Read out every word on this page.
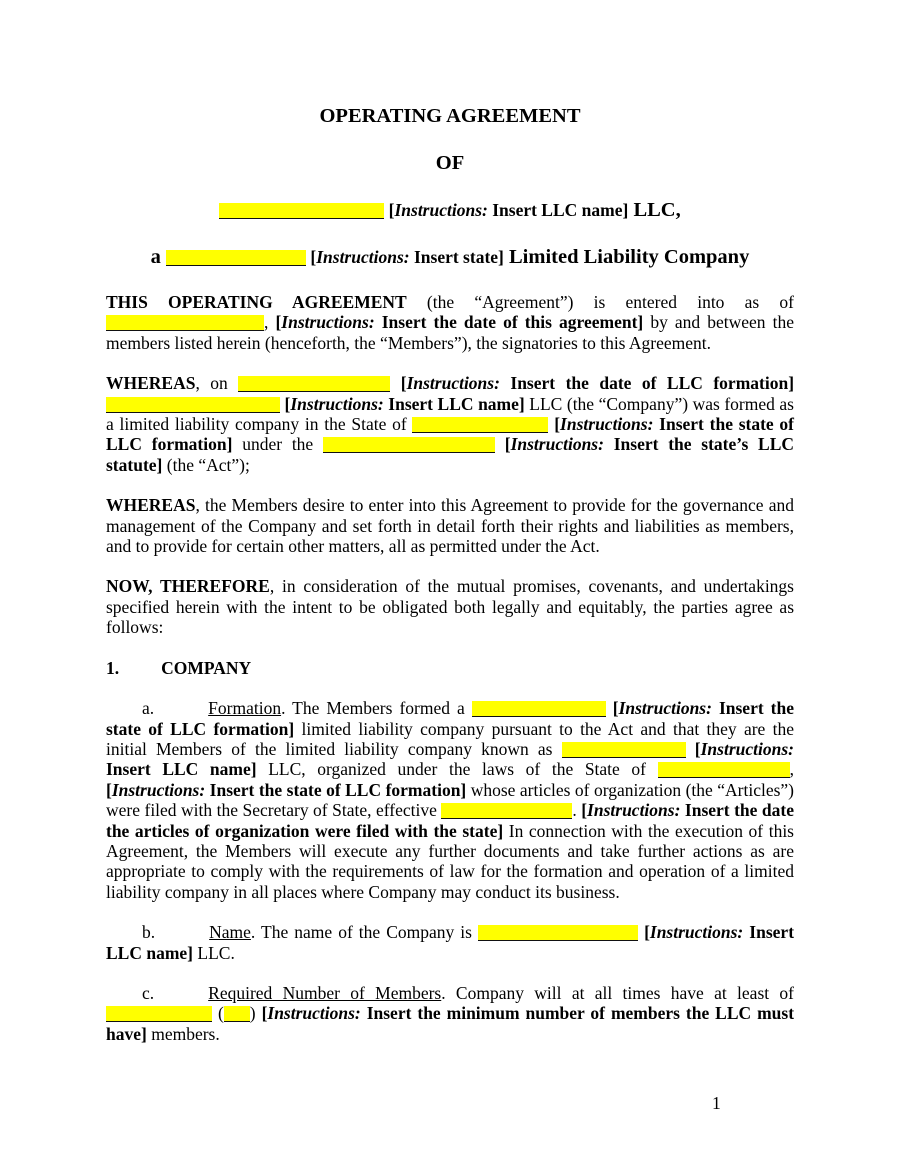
OPERATING AGREEMENT

OF

[Instructions: Insert LLC name] LLC,

a	[Instructions: Insert state] Limited Liability Company

THIS OPERATING AGREEMENT (the “Agreement”) is entered into as of , [Instructions: Insert the date of this agreement] by and between the members listed herein (henceforth, the “Members”), the signatories to this Agreement.

WHEREAS, on	[Instructions: Insert the date of LLC formation]  [Instructions: Insert LLC name] LLC (the “Company”) was formed as a limited liability company in the State of	[Instructions: Insert the state of LLC formation] under the	[Instructions: Insert the state’s LLC statute] (the “Act”);

WHEREAS, the Members desire to enter into this Agreement to provide for the governance and management of the Company and set forth in detail forth their rights and liabilities as members, and to provide for certain other matters, all as permitted under the Act.

NOW, THEREFORE, in consideration of the mutual promises, covenants, and undertakings specified herein with the intent to be obligated both legally and equitably, the parties agree as follows:

1. COMPANY

a.	Formation. The Members formed a	[Instructions: Insert the state of LLC formation] limited liability company pursuant to the Act and that they are the initial Members of the limited liability company known as	[Instructions: Insert LLC name] LLC, organized under the laws of the State of	, [Instructions: Insert the state of LLC formation] whose articles of organization (the “Articles”) were filed with the Secretary of State, effective	. [Instructions: Insert the date the articles of organization were filed with the state] In connection with the execution of this Agreement, the Members will execute any further documents and take further actions as are appropriate to comply with the requirements of law for the formation and operation of a limited liability company in all places where Company may conduct its business.

b.	Name. The name of the Company is	[Instructions: Insert LLC name] LLC.

c.	Required Number of Members. Company will at all times have at least of  ( ) [Instructions: Insert the minimum number of members the LLC must have] members.

1
